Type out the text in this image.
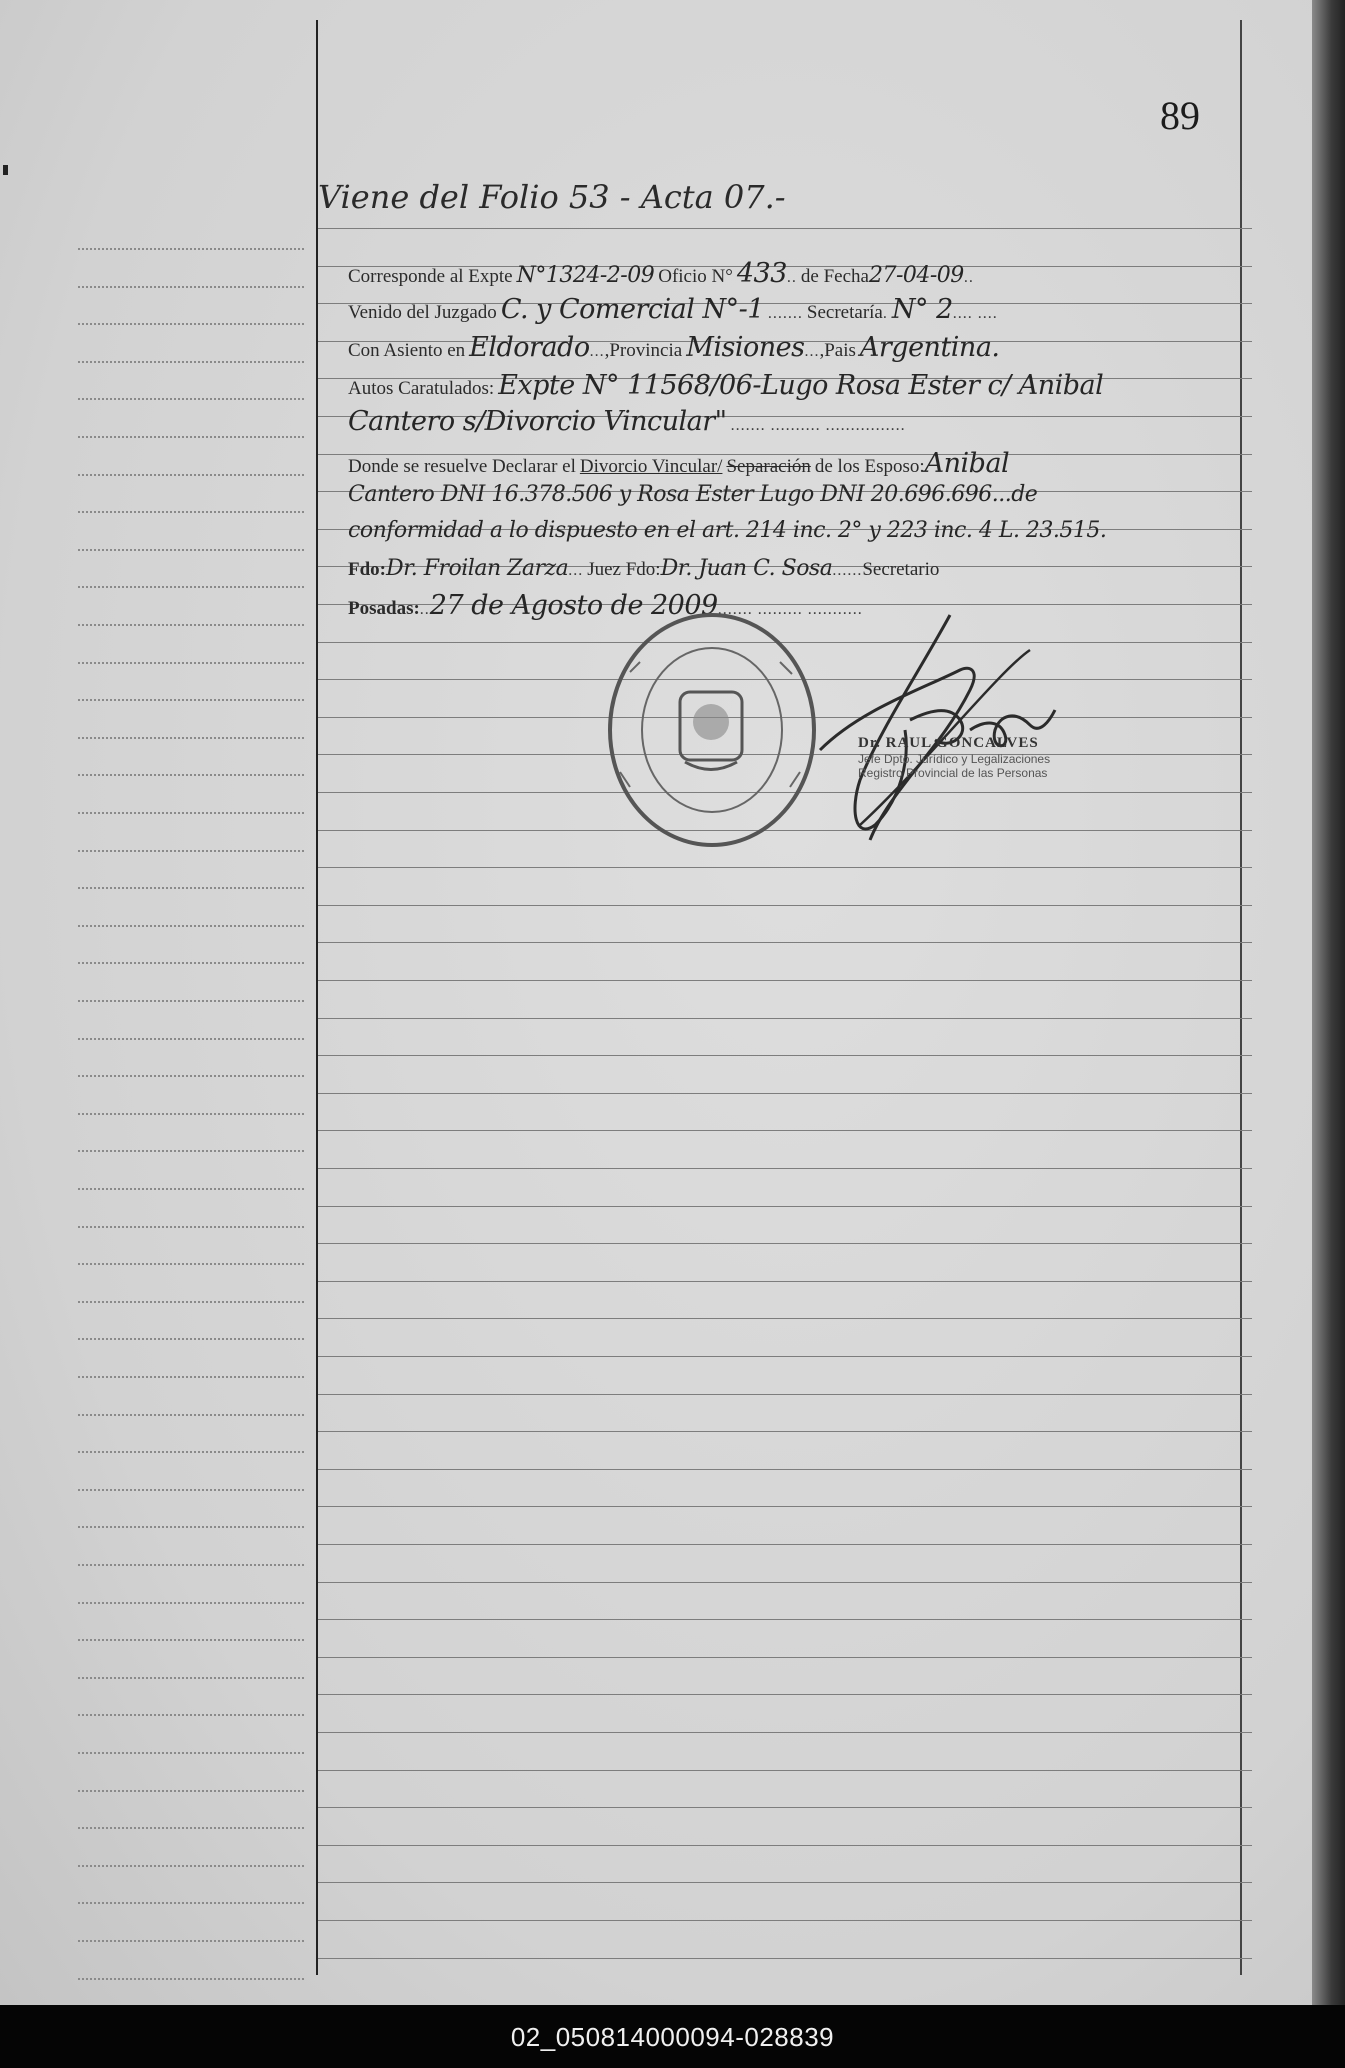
89
Viene del Folio 53 - Acta 07.-
Corresponde al Expte N°1324-2-09 Oficio N° 433.. de Fecha27-04-09..
Venido del Juzgado C. y Comercial N°-1 ....... Secretaría. N° 2.... ....
Con Asiento en Eldorado...,Provincia Misiones...,Pais Argentina.
Autos Caratulados: Expte N° 11568/06-Lugo Rosa Ester c/ Anibal
Cantero s/Divorcio Vincular" ....... .......... ................
Donde se resuelve Declarar el Divorcio Vincular/ Separación de los Esposo:Anibal
Cantero DNI 16.378.506 y Rosa Ester Lugo DNI 20.696.696...de
conformidad a lo dispuesto en el art. 214 inc. 2° y 223 inc. 4 L. 23.515.
Fdo:Dr. Froilan Zarza... Juez Fdo:Dr. Juan C. Sosa......Secretario
Posadas:..27 de Agosto de 2009....... ......... ...........
Dr. RAUL GONCALVES
Jefe Dpto. Jurídico y Legalizaciones
Registro Provincial de las Personas
02_050814000094-028839
